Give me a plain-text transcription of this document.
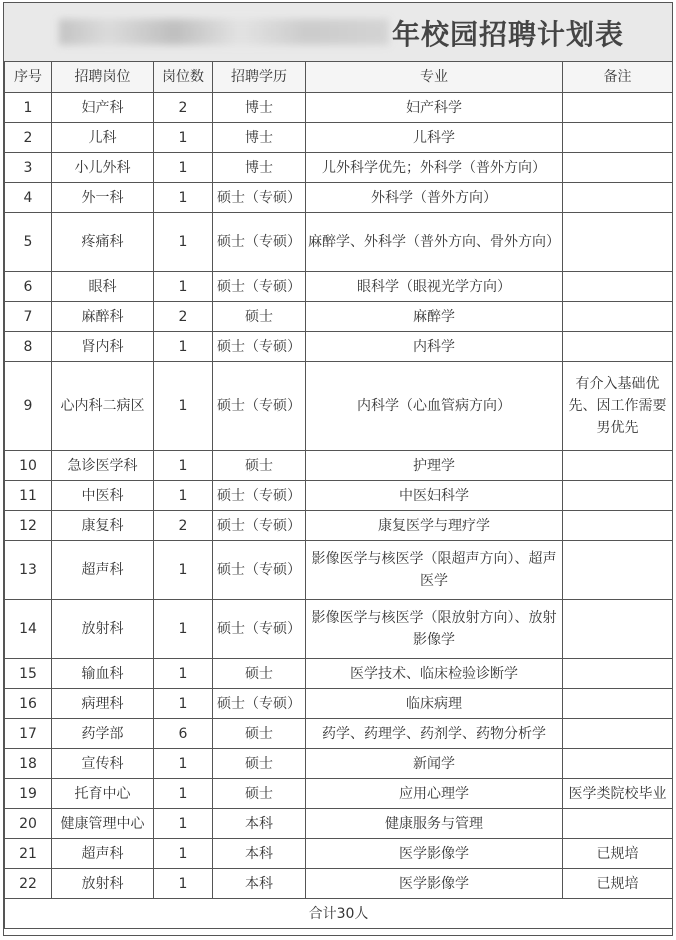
年校园招聘计划表
序号	招聘岗位	岗位数	招聘学历	专业	备注
1	妇产科	2	博士	妇产科学	
2	儿科	1	博士	儿科学	
3	小儿外科	1	博士	儿外科学优先；外科学（普外方向）	
4	外一科	1	硕士（专硕）	外科学（普外方向）	
5	疼痛科	1	硕士（专硕）	麻醉学、外科学（普外方向、骨外方向）	
6	眼科	1	硕士（专硕）	眼科学（眼视光学方向）	
7	麻醉科	2	硕士	麻醉学	
8	肾内科	1	硕士（专硕）	内科学	
9	心内科二病区	1	硕士（专硕）	内科学（心血管病方向）	有介入基础优先、因工作需要男优先
10	急诊医学科	1	硕士	护理学	
11	中医科	1	硕士（专硕）	中医妇科学	
12	康复科	2	硕士（专硕）	康复医学与理疗学	
13	超声科	1	硕士（专硕）	影像医学与核医学（限超声方向）、超声医学	
14	放射科	1	硕士（专硕）	影像医学与核医学（限放射方向）、放射影像学	
15	输血科	1	硕士	医学技术、临床检验诊断学	
16	病理科	1	硕士（专硕）	临床病理	
17	药学部	6	硕士	药学、药理学、药剂学、药物分析学	
18	宣传科	1	硕士	新闻学	
19	托育中心	1	硕士	应用心理学	医学类院校毕业
20	健康管理中心	1	本科	健康服务与管理	
21	超声科	1	本科	医学影像学	已规培
22	放射科	1	本科	医学影像学	已规培
合计30人					
